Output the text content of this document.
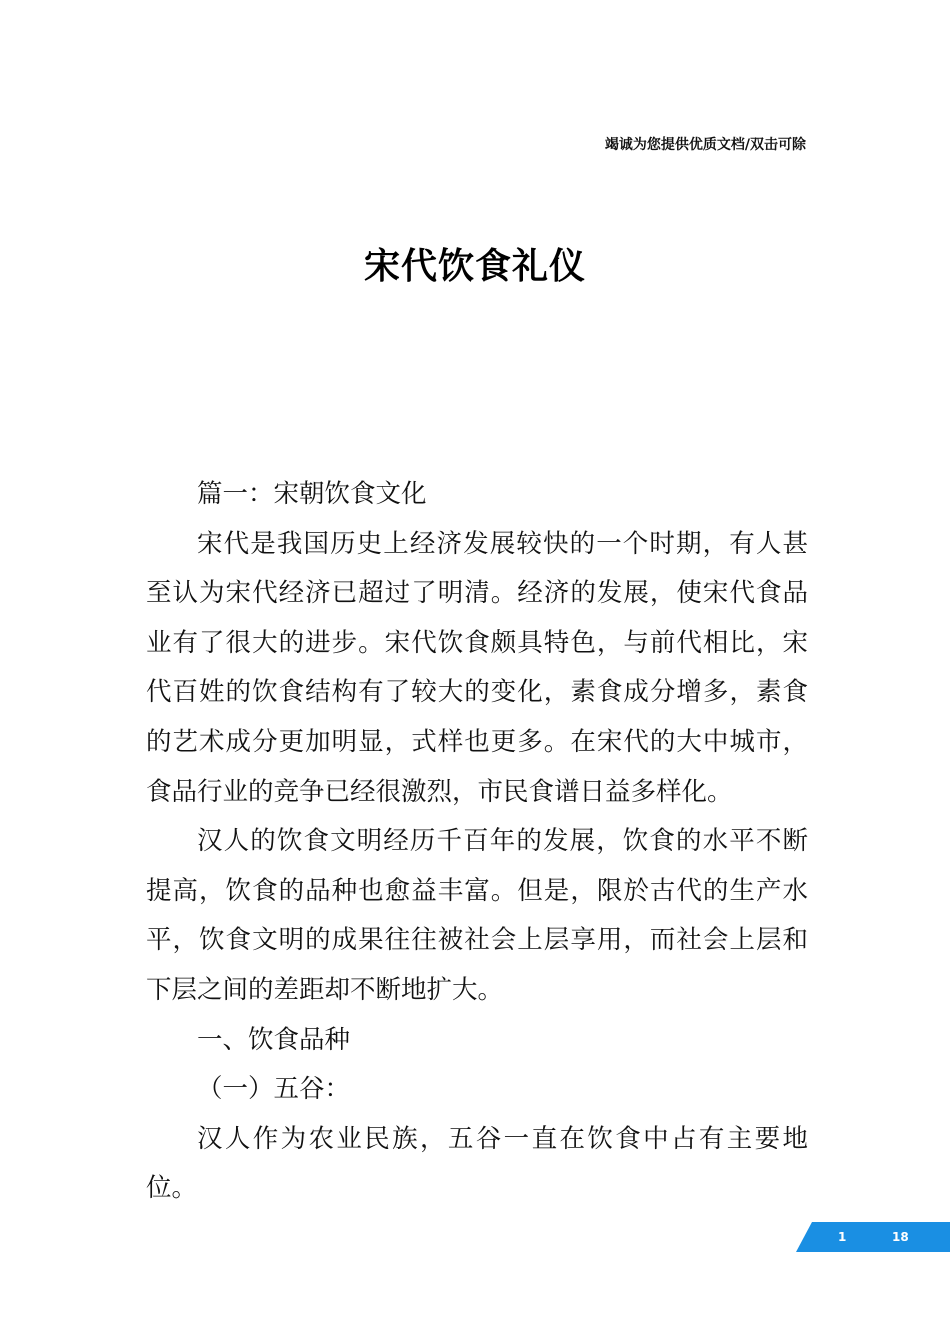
竭诚为您提供优质文档/双击可除
宋代饮食礼仪

篇一：宋朝饮食文化

宋代是我国历史上经济发展较快的一个时期，有人甚至认为宋代经济已超过了明清。经济的发展，使宋代食品业有了很大的进步。宋代饮食颇具特色，与前代相比，宋代百姓的饮食结构有了较大的变化，素食成分增多，素食的艺术成分更加明显，式样也更多。在宋代的大中城市，食品行业的竞争已经很激烈，市民食谱日益多样化。

汉人的饮食文明经历千百年的发展，饮食的水平不断提高，饮食的品种也愈益丰富。但是，限於古代的生产水平，饮食文明的成果往往被社会上层享用，而社会上层和下层之间的差距却不断地扩大。

一、饮食品种

（一）五谷：

汉人作为农业民族，五谷一直在饮食中占有主要地位。

1	18
